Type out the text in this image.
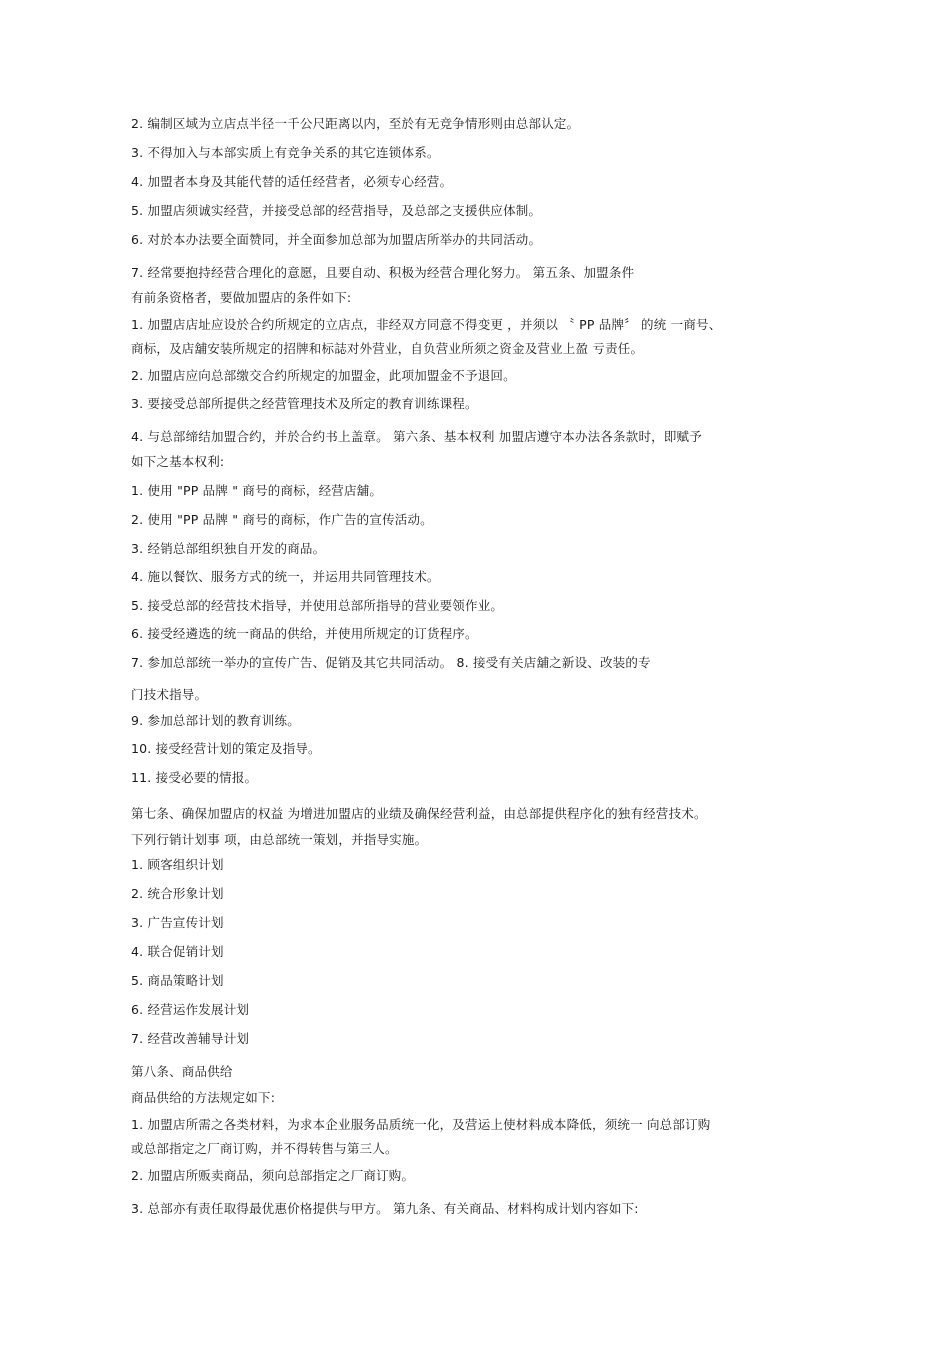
2. 编制区域为立店点半径一千公尺距离以内，至於有无竞争情形则由总部认定。
3. 不得加入与本部实质上有竞争关系的其它连锁体系。
4. 加盟者本身及其能代替的适任经营者，必须专心经营。
5. 加盟店须诚实经营，并接受总部的经营指导，及总部之支援供应体制。
6. 对於本办法要全面赞同，并全面参加总部为加盟店所举办的共同活动。
7. 经常要抱持经营合理化的意愿，且要自动、积极为经营合理化努力。 第五条、加盟条件
有前条资格者，要做加盟店的条件如下:
1. 加盟店店址应设於合约所规定的立店点，非经双方同意不得变更 ，并须以 〝 PP 品牌〞 的统 一商号、
商标，及店舖安装所规定的招牌和标誌对外营业，自负营业所须之资金及营业上盈 亏责任。
2. 加盟店应向总部缴交合约所规定的加盟金，此项加盟金不予退回。
3. 要接受总部所提供之经营管理技术及所定的教育训练课程。
4. 与总部缔结加盟合约，并於合约书上盖章。 第六条、基本权利 加盟店遵守本办法各条款时，即赋予
如下之基本权利:
1. 使用 "PP 品牌 " 商号的商标，经营店舖。
2. 使用 "PP 品牌 " 商号的商标，作广告的宣传活动。
3. 经销总部组织独自开发的商品。
4. 施以餐饮、服务方式的统一，并运用共同管理技术。
5. 接受总部的经营技术指导，并使用总部所指导的营业要领作业。
6. 接受经遴选的统一商品的供给，并使用所规定的订货程序。
7. 参加总部统一举办的宣传广告、促销及其它共同活动。 8. 接受有关店舖之新设、改装的专
门技术指导。
9. 参加总部计划的教育训练。
10. 接受经营计划的策定及指导。
11. 接受必要的情报。
第七条、确保加盟店的权益 为增进加盟店的业绩及确保经营利益，由总部提供程序化的独有经营技术。
下列行销计划事 项，由总部统一策划，并指导实施。
1. 顾客组织计划
2. 统合形象计划
3. 广告宣传计划
4. 联合促销计划
5. 商品策略计划
6. 经营运作发展计划
7. 经营改善辅导计划
第八条、商品供给
商品供给的方法规定如下:
1. 加盟店所需之各类材料，为求本企业服务品质统一化，及营运上使材料成本降低，须统一 向总部订购
或总部指定之厂商订购，并不得转售与第三人。
2. 加盟店所贩卖商品，须向总部指定之厂商订购。
3. 总部亦有责任取得最优惠价格提供与甲方。 第九条、有关商品、材料构成计划内容如下:
